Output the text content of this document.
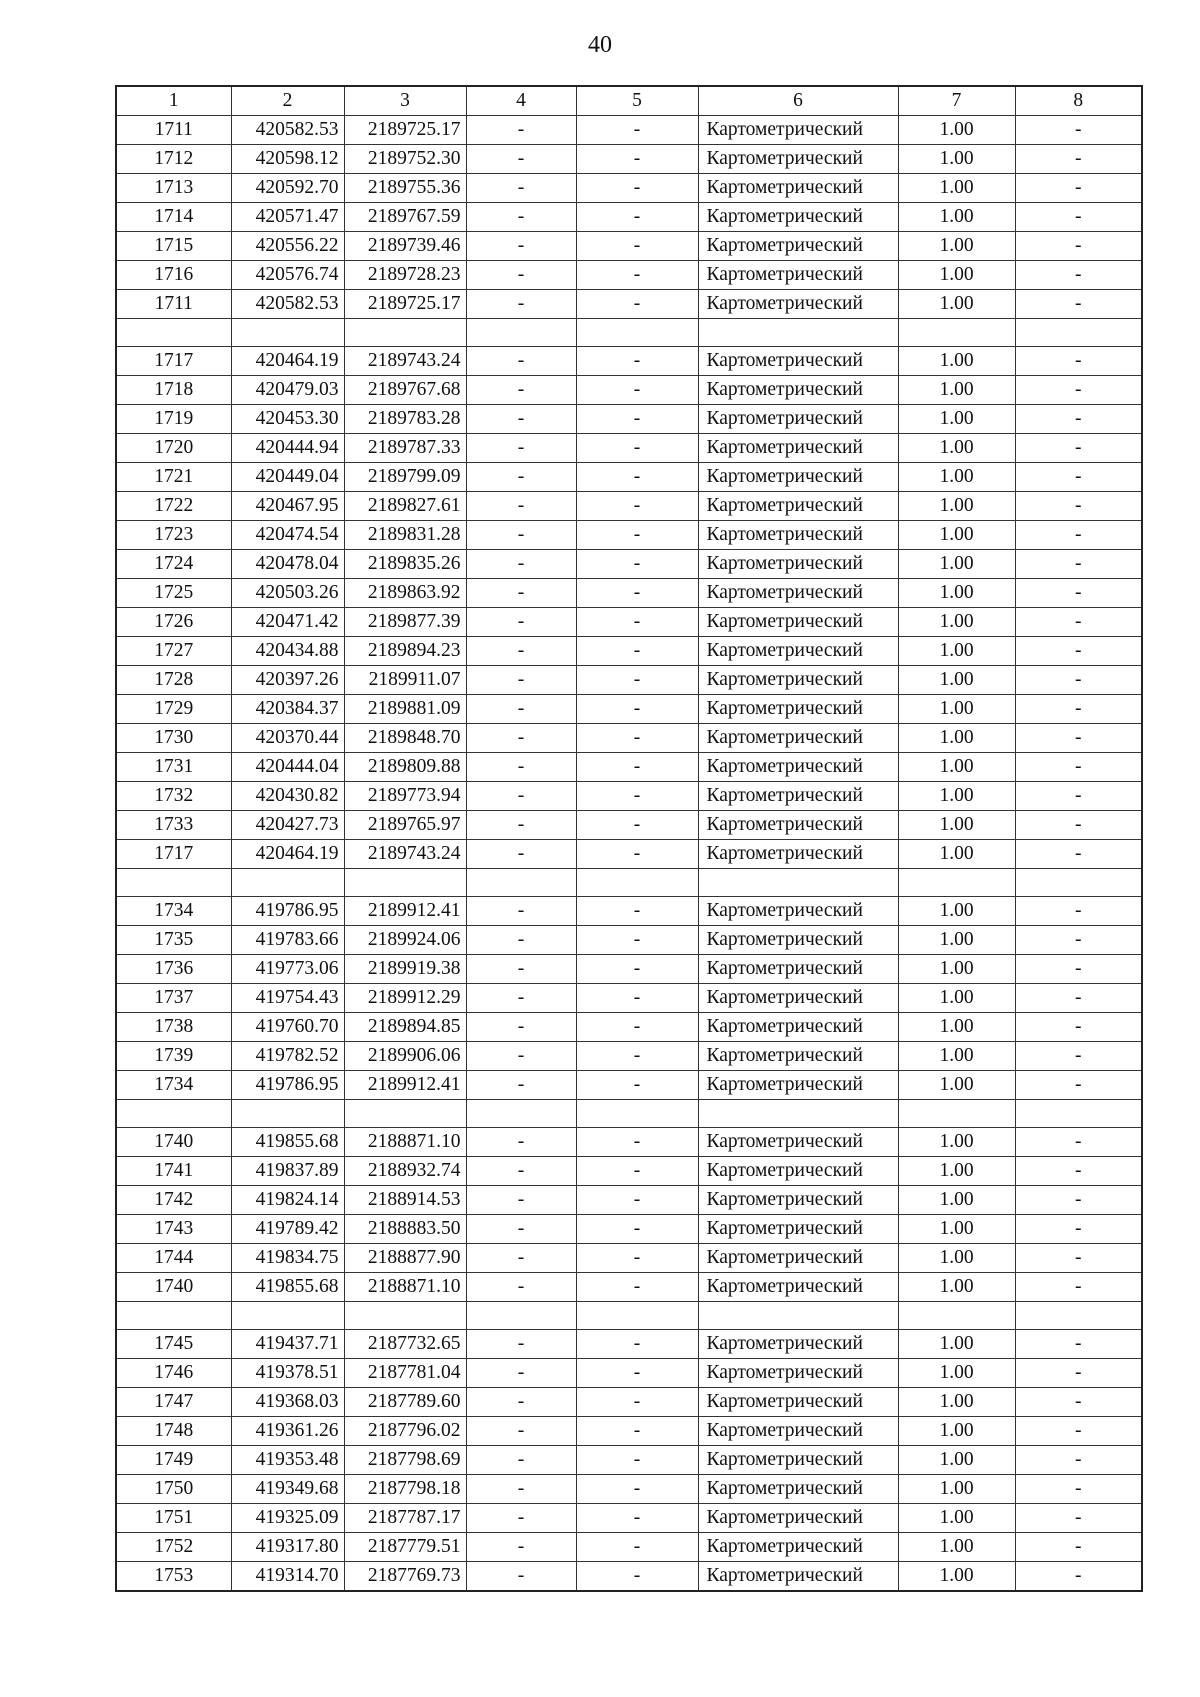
40
1	2	3	4	5	6	7	8
1711	420582.53	2189725.17	-	-	Картометрический	1.00	-
1712	420598.12	2189752.30	-	-	Картометрический	1.00	-
1713	420592.70	2189755.36	-	-	Картометрический	1.00	-
1714	420571.47	2189767.59	-	-	Картометрический	1.00	-
1715	420556.22	2189739.46	-	-	Картометрический	1.00	-
1716	420576.74	2189728.23	-	-	Картометрический	1.00	-
1711	420582.53	2189725.17	-	-	Картометрический	1.00	-

1717	420464.19	2189743.24	-	-	Картометрический	1.00	-
1718	420479.03	2189767.68	-	-	Картометрический	1.00	-
1719	420453.30	2189783.28	-	-	Картометрический	1.00	-
1720	420444.94	2189787.33	-	-	Картометрический	1.00	-
1721	420449.04	2189799.09	-	-	Картометрический	1.00	-
1722	420467.95	2189827.61	-	-	Картометрический	1.00	-
1723	420474.54	2189831.28	-	-	Картометрический	1.00	-
1724	420478.04	2189835.26	-	-	Картометрический	1.00	-
1725	420503.26	2189863.92	-	-	Картометрический	1.00	-
1726	420471.42	2189877.39	-	-	Картометрический	1.00	-
1727	420434.88	2189894.23	-	-	Картометрический	1.00	-
1728	420397.26	2189911.07	-	-	Картометрический	1.00	-
1729	420384.37	2189881.09	-	-	Картометрический	1.00	-
1730	420370.44	2189848.70	-	-	Картометрический	1.00	-
1731	420444.04	2189809.88	-	-	Картометрический	1.00	-
1732	420430.82	2189773.94	-	-	Картометрический	1.00	-
1733	420427.73	2189765.97	-	-	Картометрический	1.00	-
1717	420464.19	2189743.24	-	-	Картометрический	1.00	-

1734	419786.95	2189912.41	-	-	Картометрический	1.00	-
1735	419783.66	2189924.06	-	-	Картометрический	1.00	-
1736	419773.06	2189919.38	-	-	Картометрический	1.00	-
1737	419754.43	2189912.29	-	-	Картометрический	1.00	-
1738	419760.70	2189894.85	-	-	Картометрический	1.00	-
1739	419782.52	2189906.06	-	-	Картометрический	1.00	-
1734	419786.95	2189912.41	-	-	Картометрический	1.00	-

1740	419855.68	2188871.10	-	-	Картометрический	1.00	-
1741	419837.89	2188932.74	-	-	Картометрический	1.00	-
1742	419824.14	2188914.53	-	-	Картометрический	1.00	-
1743	419789.42	2188883.50	-	-	Картометрический	1.00	-
1744	419834.75	2188877.90	-	-	Картометрический	1.00	-
1740	419855.68	2188871.10	-	-	Картометрический	1.00	-

1745	419437.71	2187732.65	-	-	Картометрический	1.00	-
1746	419378.51	2187781.04	-	-	Картометрический	1.00	-
1747	419368.03	2187789.60	-	-	Картометрический	1.00	-
1748	419361.26	2187796.02	-	-	Картометрический	1.00	-
1749	419353.48	2187798.69	-	-	Картометрический	1.00	-
1750	419349.68	2187798.18	-	-	Картометрический	1.00	-
1751	419325.09	2187787.17	-	-	Картометрический	1.00	-
1752	419317.80	2187779.51	-	-	Картометрический	1.00	-
1753	419314.70	2187769.73	-	-	Картометрический	1.00	-
